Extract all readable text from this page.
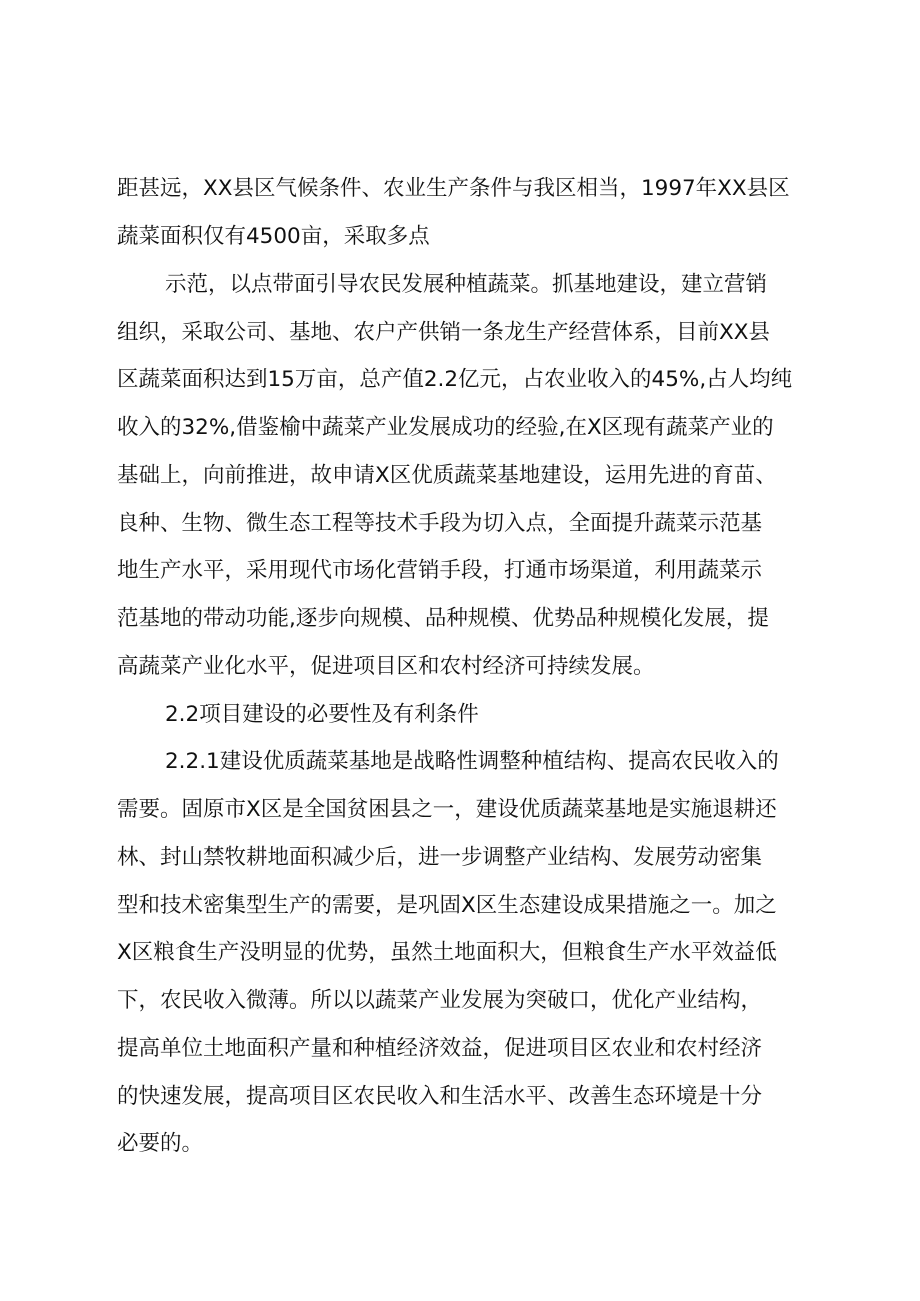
距甚远，XX县区气候条件、农业生产条件与我区相当，1997年XX县区
蔬菜面积仅有4500亩，采取多点
示范，以点带面引导农民发展种植蔬菜。抓基地建设，建立营销
组织，采取公司、基地、农户产供销一条龙生产经营体系，目前XX县
区蔬菜面积达到15万亩，总产值2.2亿元，占农业收入的45%,占人均纯
收入的32%,借鉴榆中蔬菜产业发展成功的经验,在X区现有蔬菜产业的
基础上，向前推进，故申请X区优质蔬菜基地建设，运用先进的育苗、
良种、生物、微生态工程等技术手段为切入点，全面提升蔬菜示范基
地生产水平，采用现代市场化营销手段，打通市场渠道，利用蔬菜示
范基地的带动功能,逐步向规模、品种规模、优势品种规模化发展，提
高蔬菜产业化水平，促进项目区和农村经济可持续发展。
2.2项目建设的必要性及有利条件
2.2.1建设优质蔬菜基地是战略性调整种植结构、提高农民收入的
需要。固原市X区是全国贫困县之一，建设优质蔬菜基地是实施退耕还
林、封山禁牧耕地面积减少后，进一步调整产业结构、发展劳动密集
型和技术密集型生产的需要，是巩固X区生态建设成果措施之一。加之
X区粮食生产没明显的优势，虽然土地面积大，但粮食生产水平效益低
下，农民收入微薄。所以以蔬菜产业发展为突破口，优化产业结构，
提高单位土地面积产量和种植经济效益，促进项目区农业和农村经济
的快速发展，提高项目区农民收入和生活水平、改善生态环境是十分
必要的。
